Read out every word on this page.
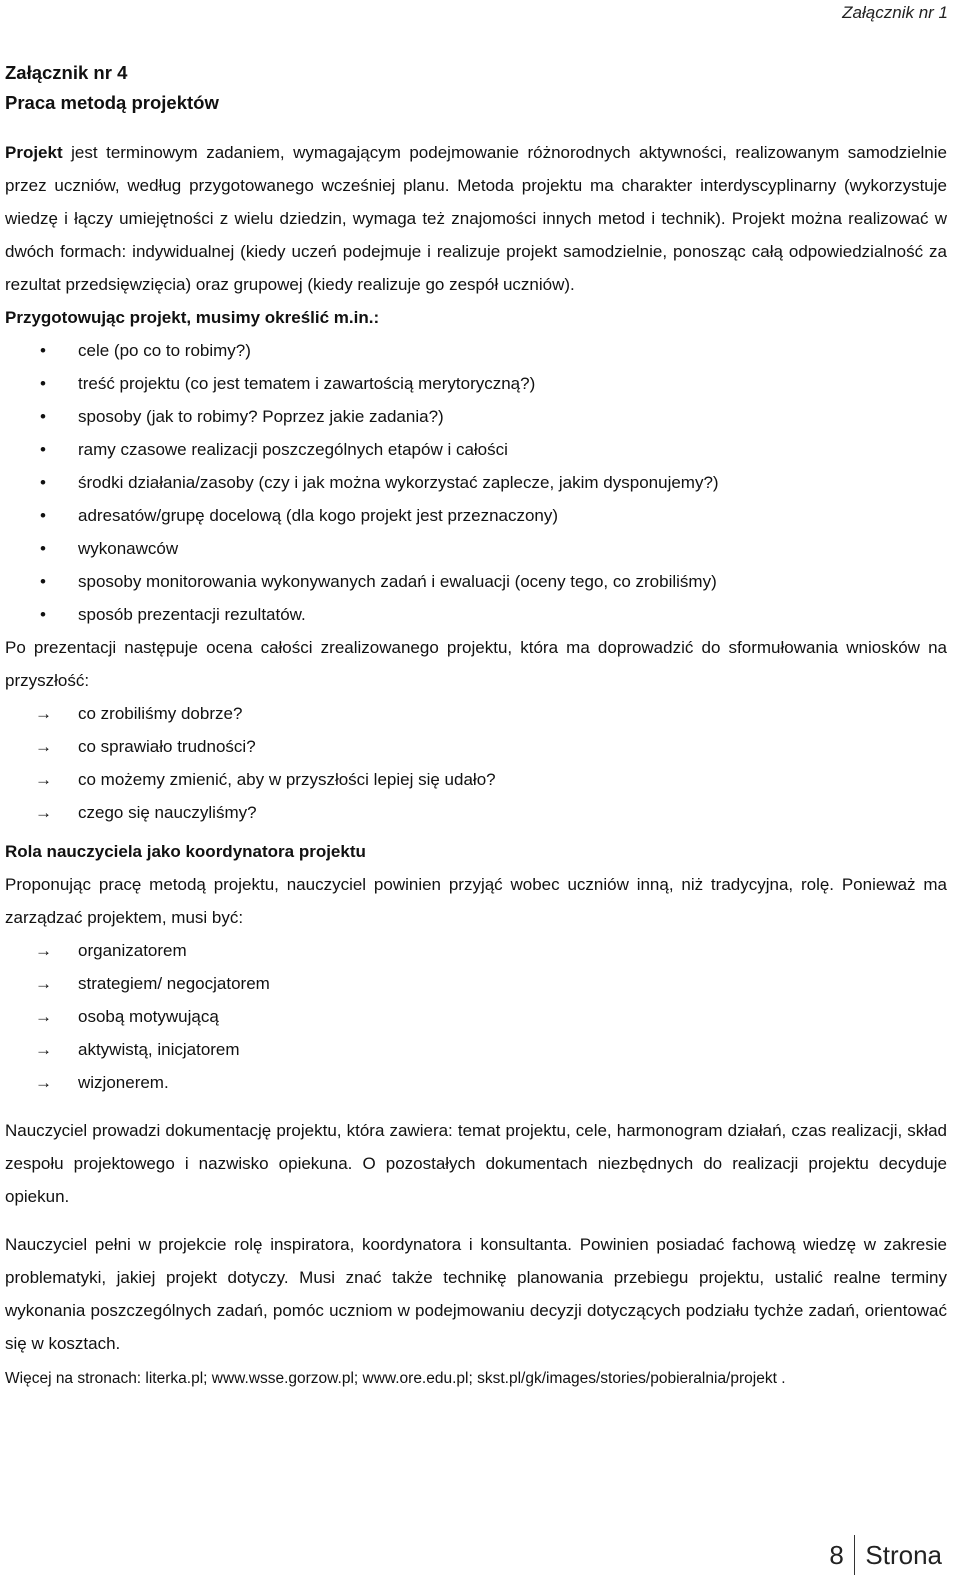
Załącznik nr 1
Załącznik nr 4
Praca metodą projektów

Projekt jest terminowym zadaniem, wymagającym podejmowanie różnorodnych aktywności, realizowanym samodzielnie przez uczniów, według przygotowanego wcześniej planu. Metoda projektu ma charakter interdyscyplinarny (wykorzystuje wiedzę i łączy umiejętności z wielu dziedzin, wymaga też znajomości innych metod i technik). Projekt można realizować w dwóch formach: indywidualnej (kiedy uczeń podejmuje i realizuje projekt samodzielnie, ponosząc całą odpowiedzialność za rezultat przedsięwzięcia) oraz grupowej (kiedy realizuje go zespół uczniów).

Przygotowując projekt, musimy określić m.in.:
•	cele (po co to robimy?)
•	treść projektu (co jest tematem i zawartością merytoryczną?)
•	sposoby (jak to robimy? Poprzez jakie zadania?)
•	ramy czasowe realizacji poszczególnych etapów i całości
•	środki działania/zasoby (czy i jak można wykorzystać zaplecze, jakim dysponujemy?)
•	adresatów/grupę docelową (dla kogo projekt jest przeznaczony)
•	wykonawców
•	sposoby monitorowania wykonywanych zadań i ewaluacji (oceny tego, co zrobiliśmy)
•	sposób prezentacji rezultatów.

Po prezentacji następuje ocena całości zrealizowanego projektu, która ma doprowadzić do sformułowania wniosków na przyszłość:

→	co zrobiliśmy dobrze?
→	co sprawiało trudności?
→	co możemy zmienić, aby w przyszłości lepiej się udało?
→	czego się nauczyliśmy?
Rola nauczyciela jako koordynatora projektu

Proponując pracę metodą projektu, nauczyciel powinien przyjąć wobec uczniów inną, niż tradycyjna, rolę. Ponieważ ma zarządzać projektem, musi być:

→	organizatorem
→	strategiem/ negocjatorem
→	osobą motywującą
→	aktywistą, inicjatorem
→	wizjonerem.

Nauczyciel prowadzi dokumentację projektu, która zawiera: temat projektu, cele, harmonogram działań, czas realizacji, skład zespołu projektowego i nazwisko opiekuna. O pozostałych dokumentach niezbędnych do realizacji projektu decyduje opiekun.

Nauczyciel pełni w projekcie rolę inspiratora, koordynatora i konsultanta. Powinien posiadać fachową wiedzę w zakresie problematyki, jakiej projekt dotyczy. Musi znać także technikę planowania przebiegu projektu, ustalić realne terminy wykonania poszczególnych zadań, pomóc uczniom w podejmowaniu decyzji dotyczących podziału tychże zadań, orientować się w kosztach.

Więcej na stronach: literka.pl; www.wsse.gorzow.pl; www.ore.edu.pl; skst.pl/gk/images/stories/pobieralnia/projekt .
8 Strona
